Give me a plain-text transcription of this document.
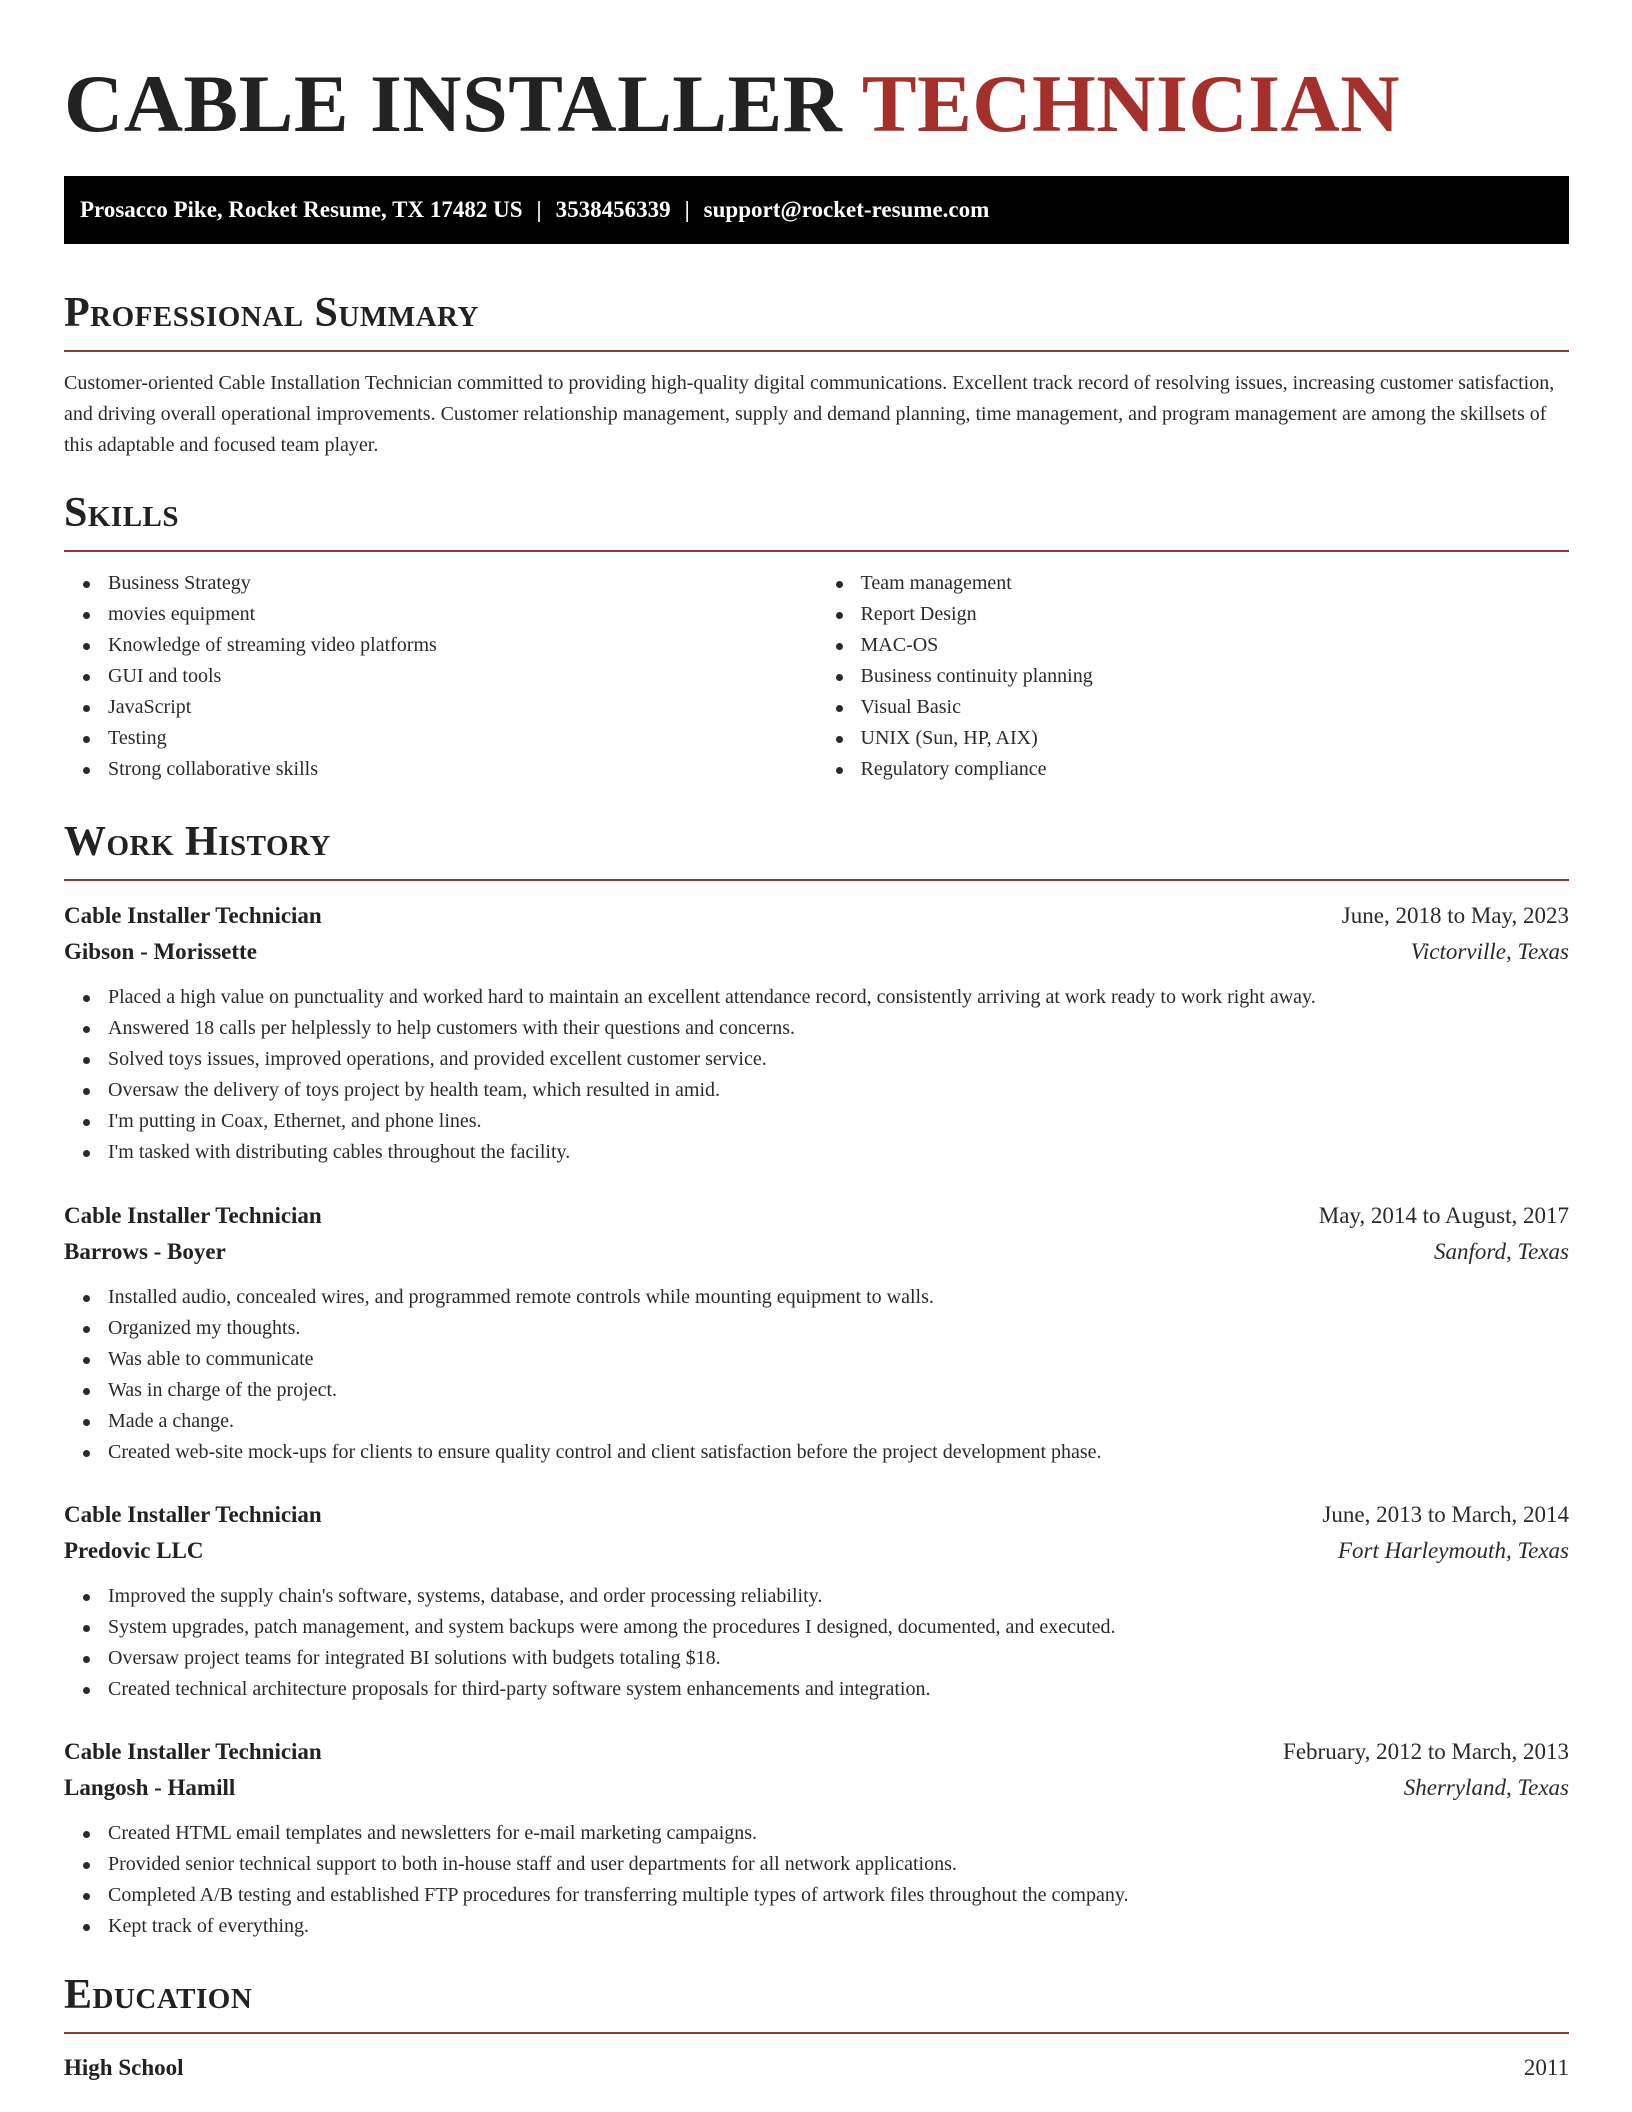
CABLE INSTALLER TECHNICIAN
Prosacco Pike, Rocket Resume, TX 17482 US | 3538456339 | support@rocket-resume.com
Professional Summary

Customer-oriented Cable Installation Technician committed to providing high-quality digital communications. Excellent track record of resolving issues, increasing customer satisfaction, and driving overall operational improvements. Customer relationship management, supply and demand planning, time management, and program management are among the skillsets of this adaptable and focused team player.

Skills
Business Strategy
movies equipment
Knowledge of streaming video platforms
GUI and tools
JavaScript
Testing
Strong collaborative skills
Team management
Report Design
MAC-OS
Business continuity planning
Visual Basic
UNIX (Sun, HP, AIX)
Regulatory compliance
Work History
Cable Installer Technician	June, 2018 to May, 2023
Gibson - Morissette	Victorville, Texas
Placed a high value on punctuality and worked hard to maintain an excellent attendance record, consistently arriving at work ready to work right away.
Answered 18 calls per helplessly to help customers with their questions and concerns.
Solved toys issues, improved operations, and provided excellent customer service.
Oversaw the delivery of toys project by health team, which resulted in amid.
I'm putting in Coax, Ethernet, and phone lines.
I'm tasked with distributing cables throughout the facility.
Cable Installer Technician	May, 2014 to August, 2017
Barrows - Boyer	Sanford, Texas
Installed audio, concealed wires, and programmed remote controls while mounting equipment to walls.
Organized my thoughts.
Was able to communicate
Was in charge of the project.
Made a change.
Created web-site mock-ups for clients to ensure quality control and client satisfaction before the project development phase.
Cable Installer Technician	June, 2013 to March, 2014
Predovic LLC	Fort Harleymouth, Texas
Improved the supply chain's software, systems, database, and order processing reliability.
System upgrades, patch management, and system backups were among the procedures I designed, documented, and executed.
Oversaw project teams for integrated BI solutions with budgets totaling $18.
Created technical architecture proposals for third-party software system enhancements and integration.
Cable Installer Technician	February, 2012 to March, 2013
Langosh - Hamill	Sherryland, Texas
Created HTML email templates and newsletters for e-mail marketing campaigns.
Provided senior technical support to both in-house staff and user departments for all network applications.
Completed A/B testing and established FTP procedures for transferring multiple types of artwork files throughout the company.
Kept track of everything.
Education
High School	2011
